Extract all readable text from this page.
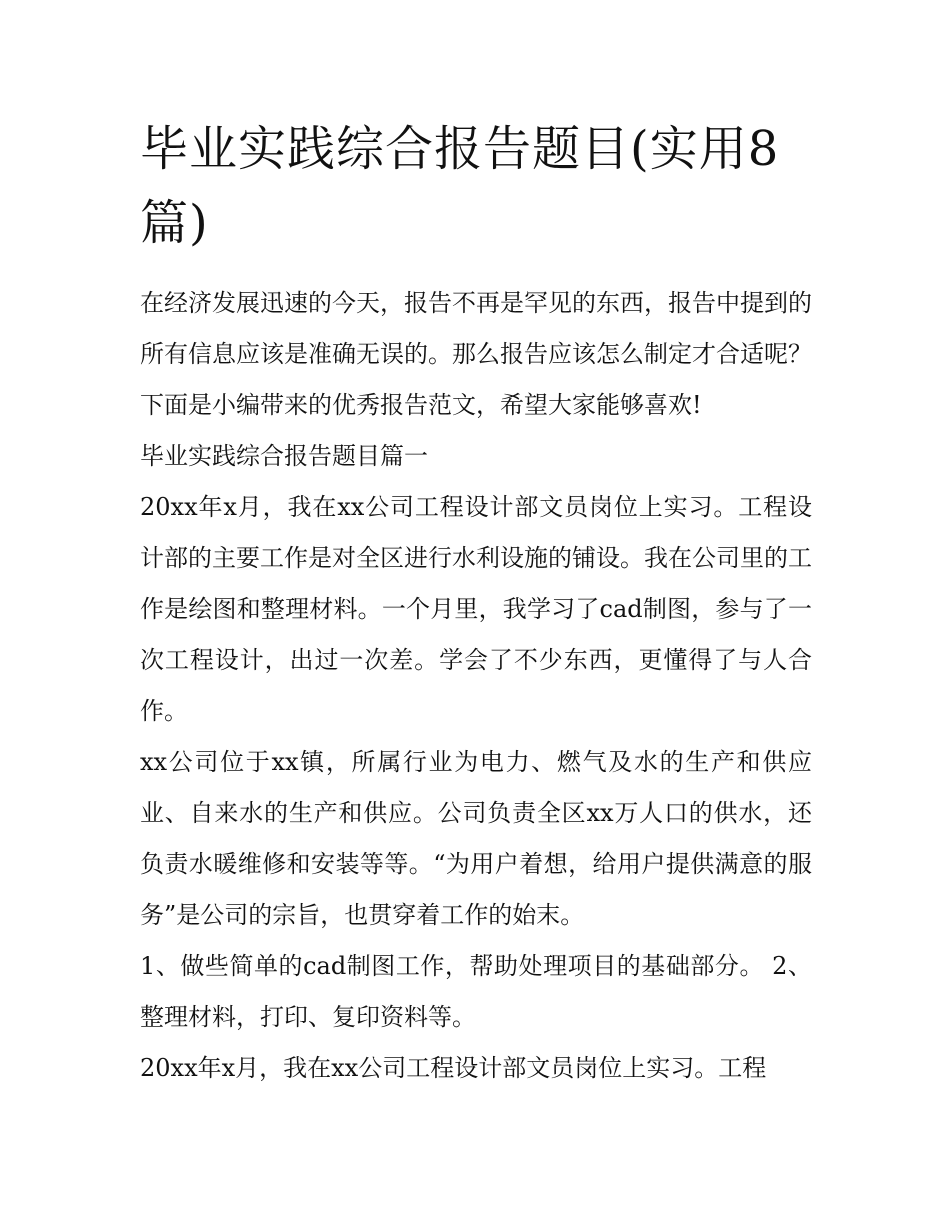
毕业实践综合报告题目(实用8篇)

在经济发展迅速的今天，报告不再是罕见的东西，报告中提到的所有信息应该是准确无误的。那么报告应该怎么制定才合适呢？下面是小编带来的优秀报告范文，希望大家能够喜欢!

毕业实践综合报告题目篇一

20xx年x月，我在xx公司工程设计部文员岗位上实习。工程设计部的主要工作是对全区进行水利设施的铺设。我在公司里的工作是绘图和整理材料。一个月里，我学习了cad制图，参与了一次工程设计，出过一次差。学会了不少东西，更懂得了与人合作。

xx公司位于xx镇，所属行业为电力、燃气及水的生产和供应业、自来水的生产和供应。公司负责全区xx万人口的供水，还负责水暖维修和安装等等。“为用户着想，给用户提供满意的服务”是公司的宗旨，也贯穿着工作的始末。

1、做些简单的cad制图工作，帮助处理项目的基础部分。 2、整理材料，打印、复印资料等。

20xx年x月，我在xx公司工程设计部文员岗位上实习。工程
